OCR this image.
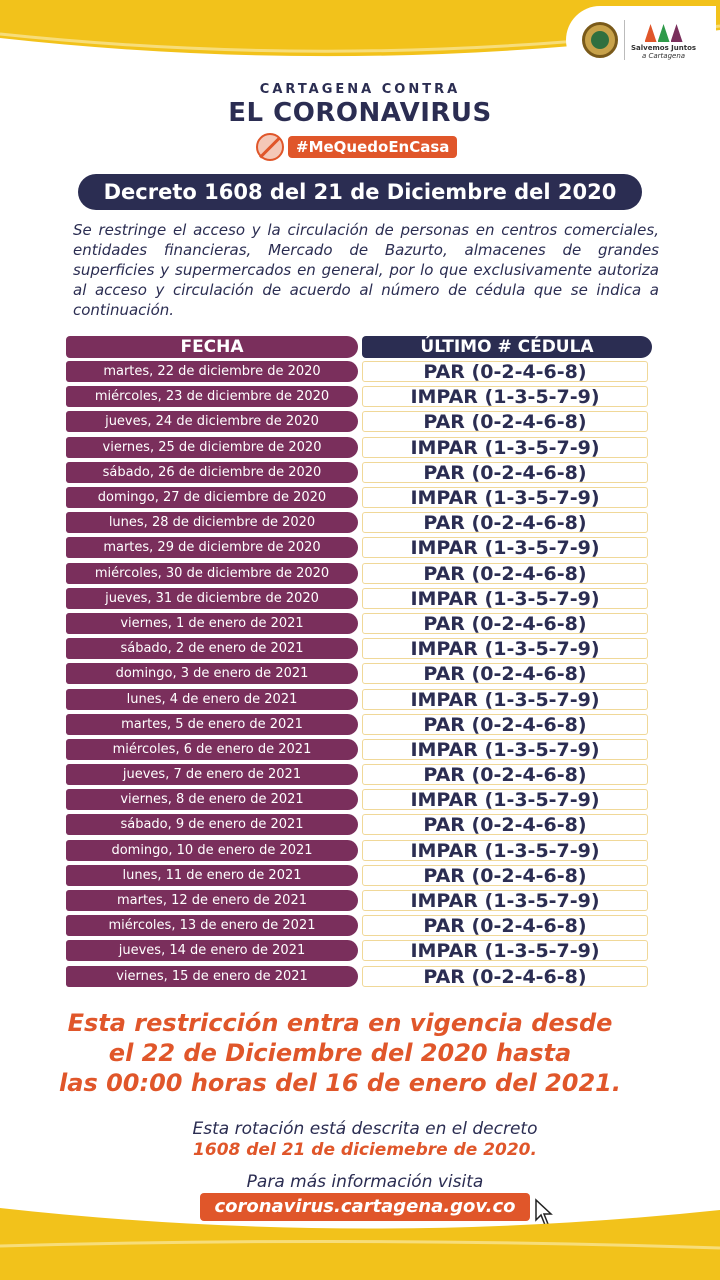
Salvemos Juntos
a Cartagena
CARTAGENA CONTRA
EL CORONAVIRUS
#MeQuedoEnCasa
Decreto 1608 del 21 de Diciembre del 2020
Se restringe el acceso y la circulación de personas en centros comerciales, entidades financieras, Mercado de Bazurto, almacenes de grandes superficies y supermercados en general, por lo que exclusivamente autoriza al acceso y circulación de acuerdo al número de cédula que se indica a continuación.
FECHA	ÚLTIMO # CÉDULA
martes, 22 de diciembre de 2020	PAR (0-2-4-6-8)
miércoles, 23 de diciembre de 2020	IMPAR (1-3-5-7-9)
jueves, 24 de diciembre de 2020	PAR (0-2-4-6-8)
viernes, 25 de diciembre de 2020	IMPAR (1-3-5-7-9)
sábado, 26 de diciembre de 2020	PAR (0-2-4-6-8)
domingo, 27 de diciembre de 2020	IMPAR (1-3-5-7-9)
lunes, 28 de diciembre de 2020	PAR (0-2-4-6-8)
martes, 29 de diciembre de 2020	IMPAR (1-3-5-7-9)
miércoles, 30 de diciembre de 2020	PAR (0-2-4-6-8)
jueves, 31 de diciembre de 2020	IMPAR (1-3-5-7-9)
viernes, 1 de enero de 2021	PAR (0-2-4-6-8)
sábado, 2 de enero de 2021	IMPAR (1-3-5-7-9)
domingo, 3 de enero de 2021	PAR (0-2-4-6-8)
lunes, 4 de enero de 2021	IMPAR (1-3-5-7-9)
martes, 5 de enero de 2021	PAR (0-2-4-6-8)
miércoles, 6 de enero de 2021	IMPAR (1-3-5-7-9)
jueves, 7 de enero de 2021	PAR (0-2-4-6-8)
viernes, 8 de enero de 2021	IMPAR (1-3-5-7-9)
sábado, 9 de enero de 2021	PAR (0-2-4-6-8)
domingo, 10 de enero de 2021	IMPAR (1-3-5-7-9)
lunes, 11 de enero de 2021	PAR (0-2-4-6-8)
martes, 12 de enero de 2021	IMPAR (1-3-5-7-9)
miércoles, 13 de enero de 2021	PAR (0-2-4-6-8)
jueves, 14 de enero de 2021	IMPAR (1-3-5-7-9)
viernes, 15 de enero de 2021	PAR (0-2-4-6-8)
Esta restricción entra en vigencia desde
el 22 de Diciembre del 2020 hasta
las 00:00 horas del 16 de enero del 2021.
Esta rotación está descrita en el decreto
1608 del 21 de diciemebre de 2020.
Para más información visita
coronavirus.cartagena.gov.co
